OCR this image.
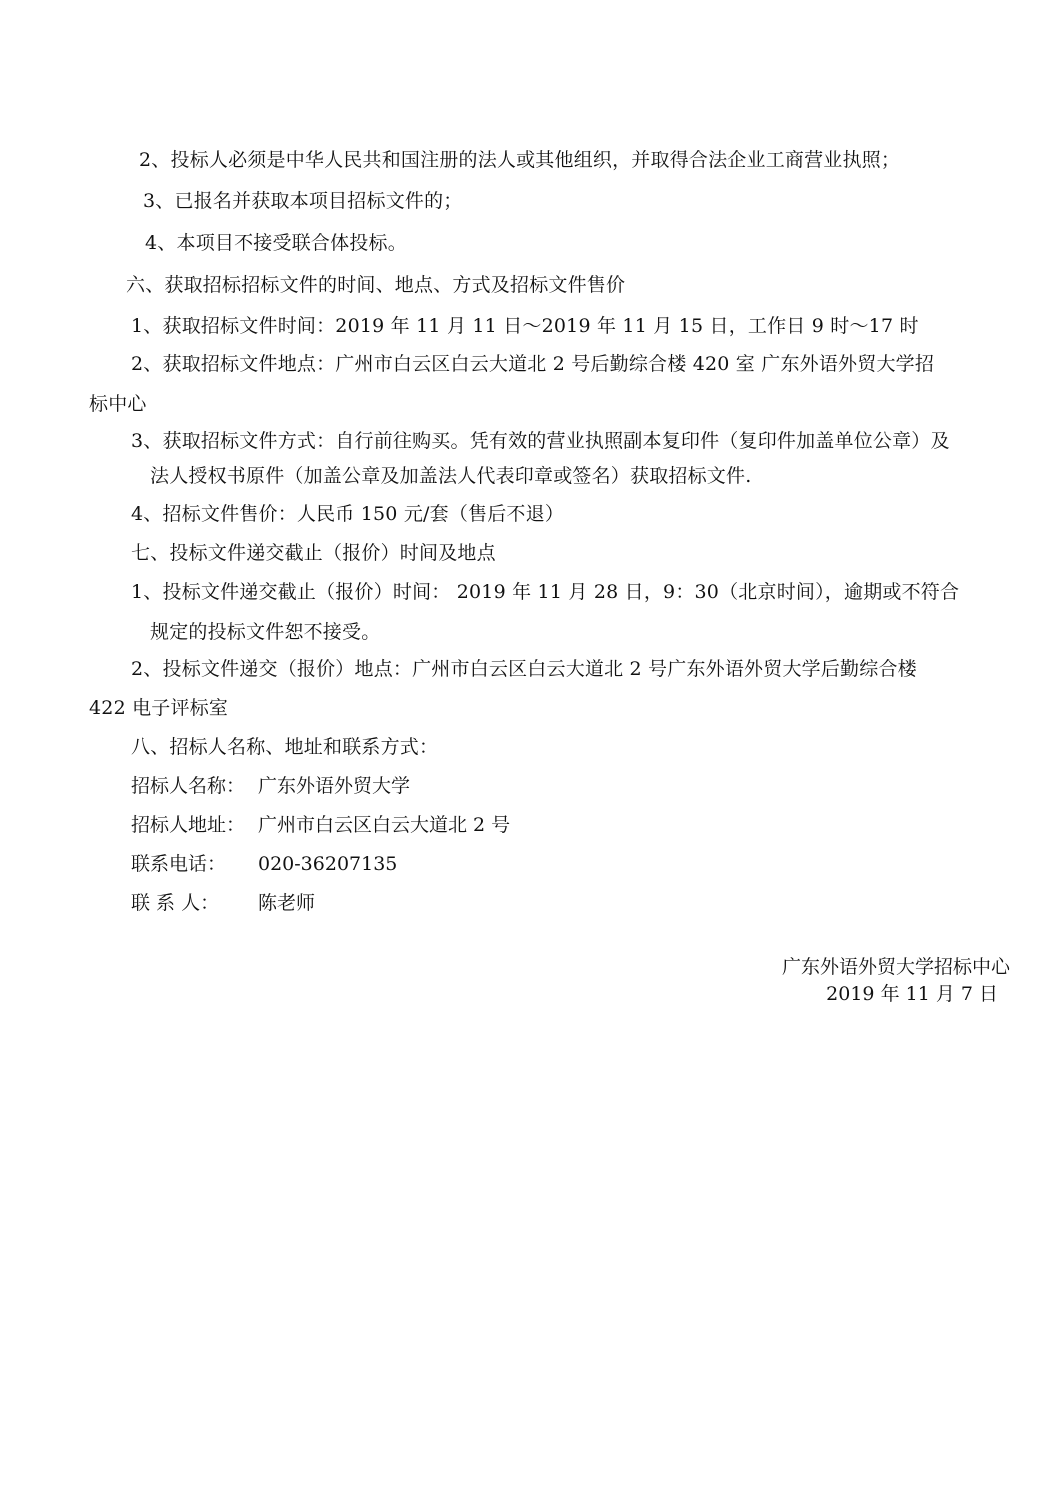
2、投标人必须是中华人民共和国注册的法人或其他组织，并取得合法企业工商营业执照；
3、已报名并获取本项目招标文件的；
4、本项目不接受联合体投标。
六、获取招标招标文件的时间、地点、方式及招标文件售价
1、获取招标文件时间：2019 年 11 月 11 日～2019 年 11 月 15 日，工作日 9 时～17 时
2、获取招标文件地点：广州市白云区白云大道北 2 号后勤综合楼 420 室 广东外语外贸大学招
标中心
3、获取招标文件方式：自行前往购买。凭有效的营业执照副本复印件（复印件加盖单位公章）及
法人授权书原件（加盖公章及加盖法人代表印章或签名）获取招标文件.
4、招标文件售价：人民币 150 元/套（售后不退）
七、投标文件递交截止（报价）时间及地点
1、投标文件递交截止（报价）时间： 2019 年 11 月 28 日，9：30（北京时间），逾期或不符合
规定的投标文件恕不接受。
2、投标文件递交（报价）地点：广州市白云区白云大道北 2 号广东外语外贸大学后勤综合楼
422 电子评标室
八、招标人名称、地址和联系方式：
招标人名称： 广东外语外贸大学
招标人地址： 广州市白云区白云大道北 2 号
联系电话： 020-36207135
联 系 人： 陈老师
广东外语外贸大学招标中心
2019 年 11 月 7 日
